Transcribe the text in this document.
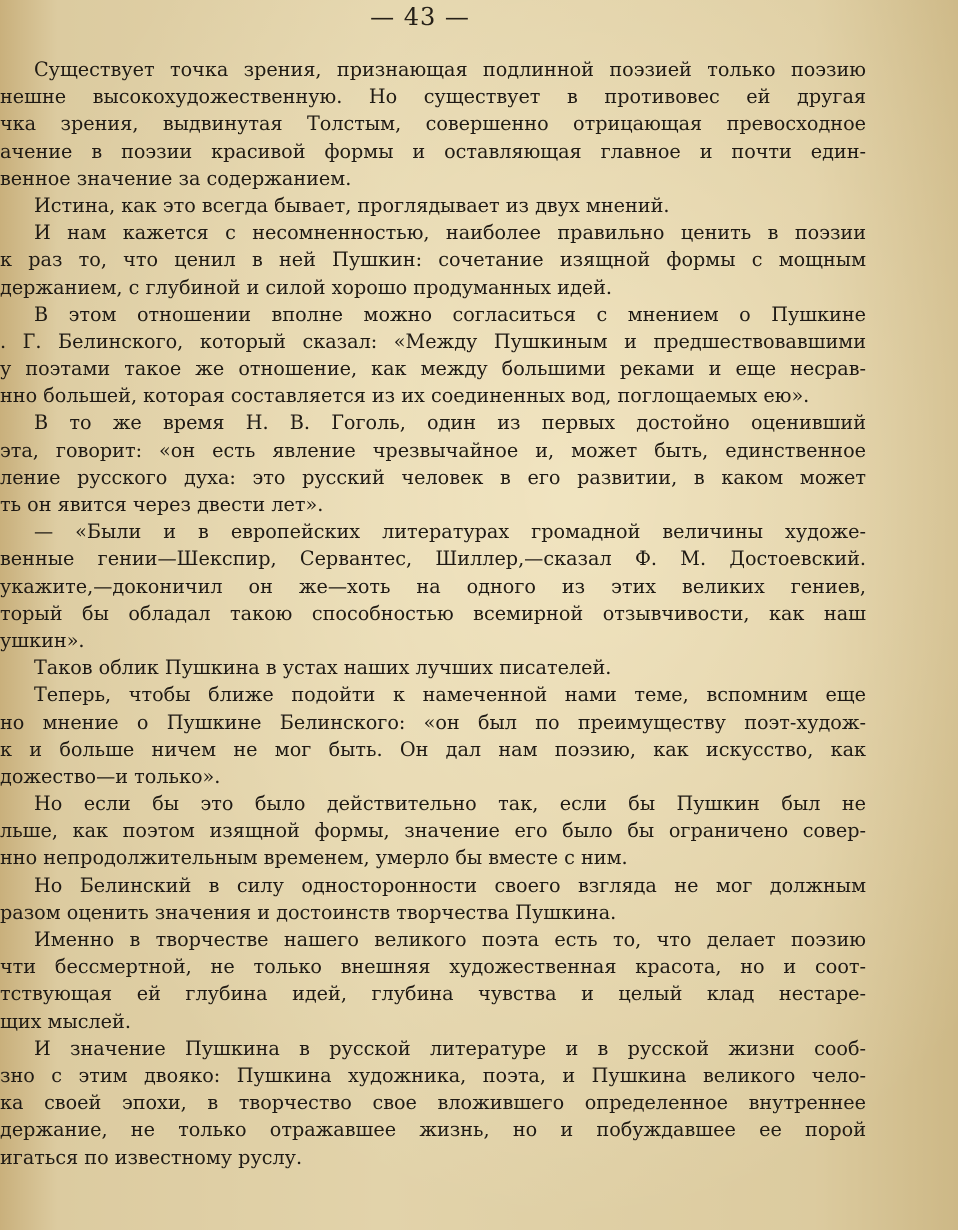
— 43 —
Существует точка зрения, признающая подлинной поэзией только поэзию
нешне высокохудожественную. Но существует в противовес ей другая
чка зрения, выдвинутая Толстым, совершенно отрицающая превосходное
ачение в поэзии красивой формы и оставляющая главное и почти един-
венное значение за содержанием.
Истина, как это всегда бывает, проглядывает из двух мнений.
И нам кажется с несомненностью, наиболее правильно ценить в поэзии
к раз то, что ценил в ней Пушкин: сочетание изящной формы с мощным
держанием, с глубиной и силой хорошо продуманных идей.
В этом отношении вполне можно согласиться с мнением о Пушкине
. Г. Белинского, который сказал: «Между Пушкиным и предшествовавшими
у поэтами такое же отношение, как между большими реками и еще несрав-
нно большей, которая составляется из их соединенных вод, поглощаемых ею».
В то же время Н. В. Гоголь, один из первых достойно оценивший
эта, говорит: «он есть явление чрезвычайное и, может быть, единственное
ление русского духа: это русский человек в его развитии, в каком может
ть он явится через двести лет».
— «Были и в европейских литературах громадной величины художе-
венные гении—Шекспир, Сервантес, Шиллер,—сказал Ф. М. Достоевский.
укажите,—доконичил он же—хоть на одного из этих великих гениев,
торый бы обладал такою способностью всемирной отзывчивости, как наш
ушкин».
Таков облик Пушкина в устах наших лучших писателей.
Теперь, чтобы ближе подойти к намеченной нами теме, вспомним еще
но мнение о Пушкине Белинского: «он был по преимуществу поэт-худож-
к и больше ничем не мог быть. Он дал нам поэзию, как искусство, как
дожество—и только».
Но если бы это было действительно так, если бы Пушкин был не
льше, как поэтом изящной формы, значение его было бы ограничено совер-
нно непродолжительным временем, умерло бы вместе с ним.
Но Белинский в силу односторонности своего взгляда не мог должным
разом оценить значения и достоинств творчества Пушкина.
Именно в творчестве нашего великого поэта есть то, что делает поэзию
чти бессмертной, не только внешняя художественная красота, но и соот-
тствующая ей глубина идей, глубина чувства и целый клад нестаре-
щих мыслей.
И значение Пушкина в русской литературе и в русской жизни сооб-
зно с этим двояко: Пушкина художника, поэта, и Пушкина великого чело-
ка своей эпохи, в творчество свое вложившего определенное внутреннее
держание, не только отражавшее жизнь, но и побуждавшее ее порой
игаться по известному руслу.
